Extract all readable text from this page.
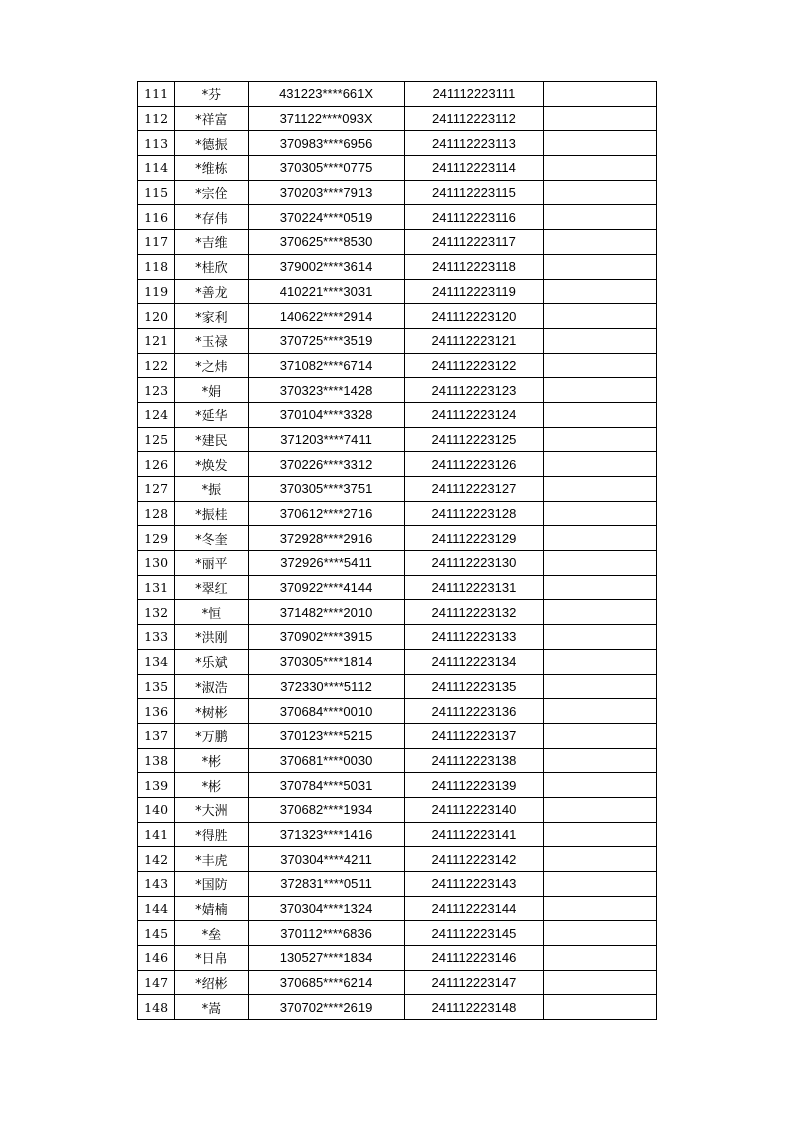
111	*芬	431223****661X	241112223111	
112	*祥富	371122****093X	241112223112	
113	*德振	370983****6956	241112223113	
114	*维栋	370305****0775	241112223114	
115	*宗佺	370203****7913	241112223115	
116	*存伟	370224****0519	241112223116	
117	*吉维	370625****8530	241112223117	
118	*桂欣	379002****3614	241112223118	
119	*善龙	410221****3031	241112223119	
120	*家利	140622****2914	241112223120	
121	*玉禄	370725****3519	241112223121	
122	*之炜	371082****6714	241112223122	
123	*娟	370323****1428	241112223123	
124	*延华	370104****3328	241112223124	
125	*建民	371203****7411	241112223125	
126	*焕发	370226****3312	241112223126	
127	*振	370305****3751	241112223127	
128	*振桂	370612****2716	241112223128	
129	*冬奎	372928****2916	241112223129	
130	*丽平	372926****5411	241112223130	
131	*翠红	370922****4144	241112223131	
132	*恒	371482****2010	241112223132	
133	*洪刚	370902****3915	241112223133	
134	*乐斌	370305****1814	241112223134	
135	*淑浩	372330****5112	241112223135	
136	*树彬	370684****0010	241112223136	
137	*万鹏	370123****5215	241112223137	
138	*彬	370681****0030	241112223138	
139	*彬	370784****5031	241112223139	
140	*大洲	370682****1934	241112223140	
141	*得胜	371323****1416	241112223141	
142	*丰虎	370304****4211	241112223142	
143	*国防	372831****0511	241112223143	
144	*婧楠	370304****1324	241112223144	
145	*垒	370112****6836	241112223145	
146	*日帛	130527****1834	241112223146	
147	*绍彬	370685****6214	241112223147	
148	*嵩	370702****2619	241112223148	
